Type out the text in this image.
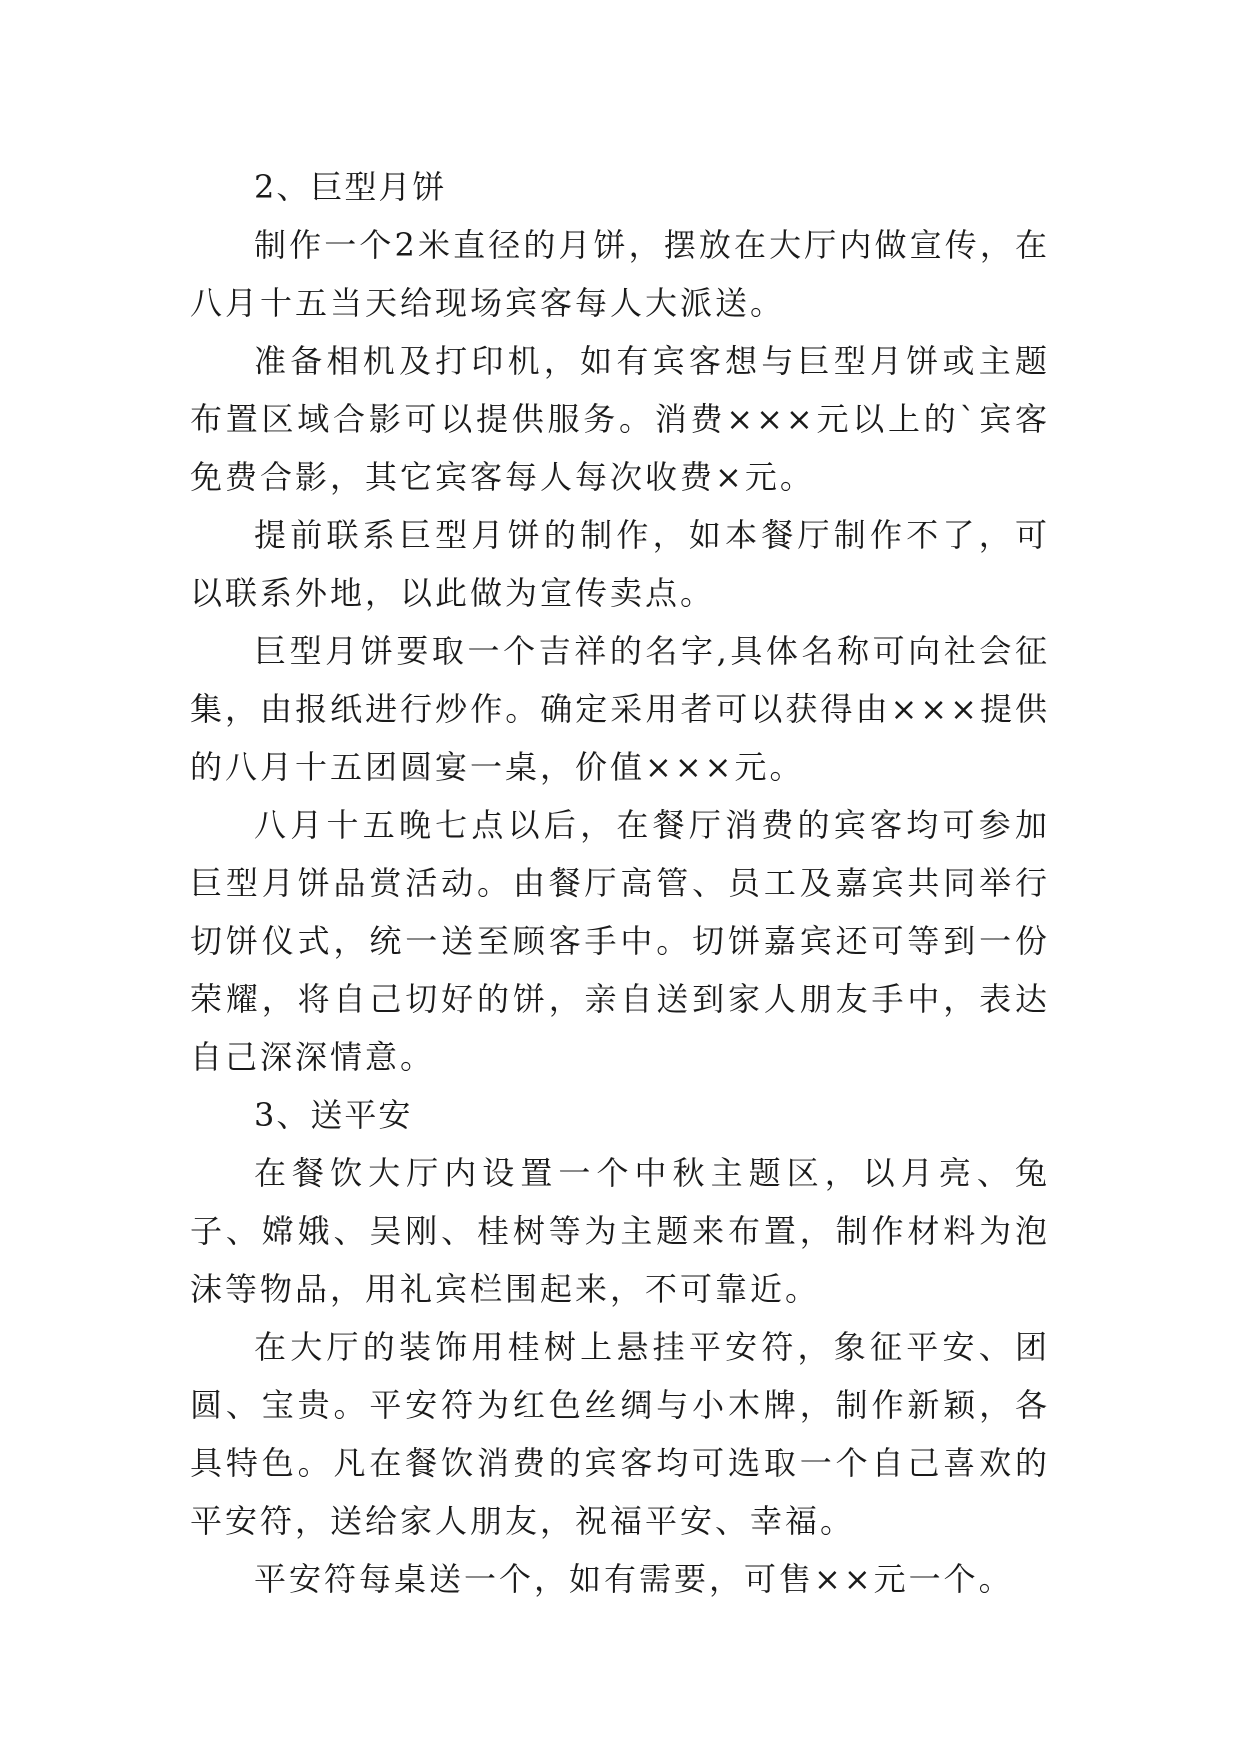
2、巨型月饼

制作一个2米直径的月饼，摆放在大厅内做宣传，在八月十五当天给现场宾客每人大派送。

准备相机及打印机，如有宾客想与巨型月饼或主题布置区域合影可以提供服务。消费×××元以上的`宾客免费合影，其它宾客每人每次收费×元。

提前联系巨型月饼的制作，如本餐厅制作不了，可以联系外地，以此做为宣传卖点。

巨型月饼要取一个吉祥的名字,具体名称可向社会征集，由报纸进行炒作。确定采用者可以获得由×××提供的八月十五团圆宴一桌，价值×××元。

八月十五晚七点以后，在餐厅消费的宾客均可参加巨型月饼品赏活动。由餐厅高管、员工及嘉宾共同举行切饼仪式，统一送至顾客手中。切饼嘉宾还可等到一份荣耀，将自己切好的饼，亲自送到家人朋友手中，表达自己深深情意。

3、送平安

在餐饮大厅内设置一个中秋主题区，以月亮、兔子、嫦娥、吴刚、桂树等为主题来布置，制作材料为泡沫等物品，用礼宾栏围起来，不可靠近。

在大厅的装饰用桂树上悬挂平安符，象征平安、团圆、宝贵。平安符为红色丝绸与小木牌，制作新颖，各具特色。凡在餐饮消费的宾客均可选取一个自己喜欢的平安符，送给家人朋友，祝福平安、幸福。

平安符每桌送一个，如有需要，可售××元一个。
